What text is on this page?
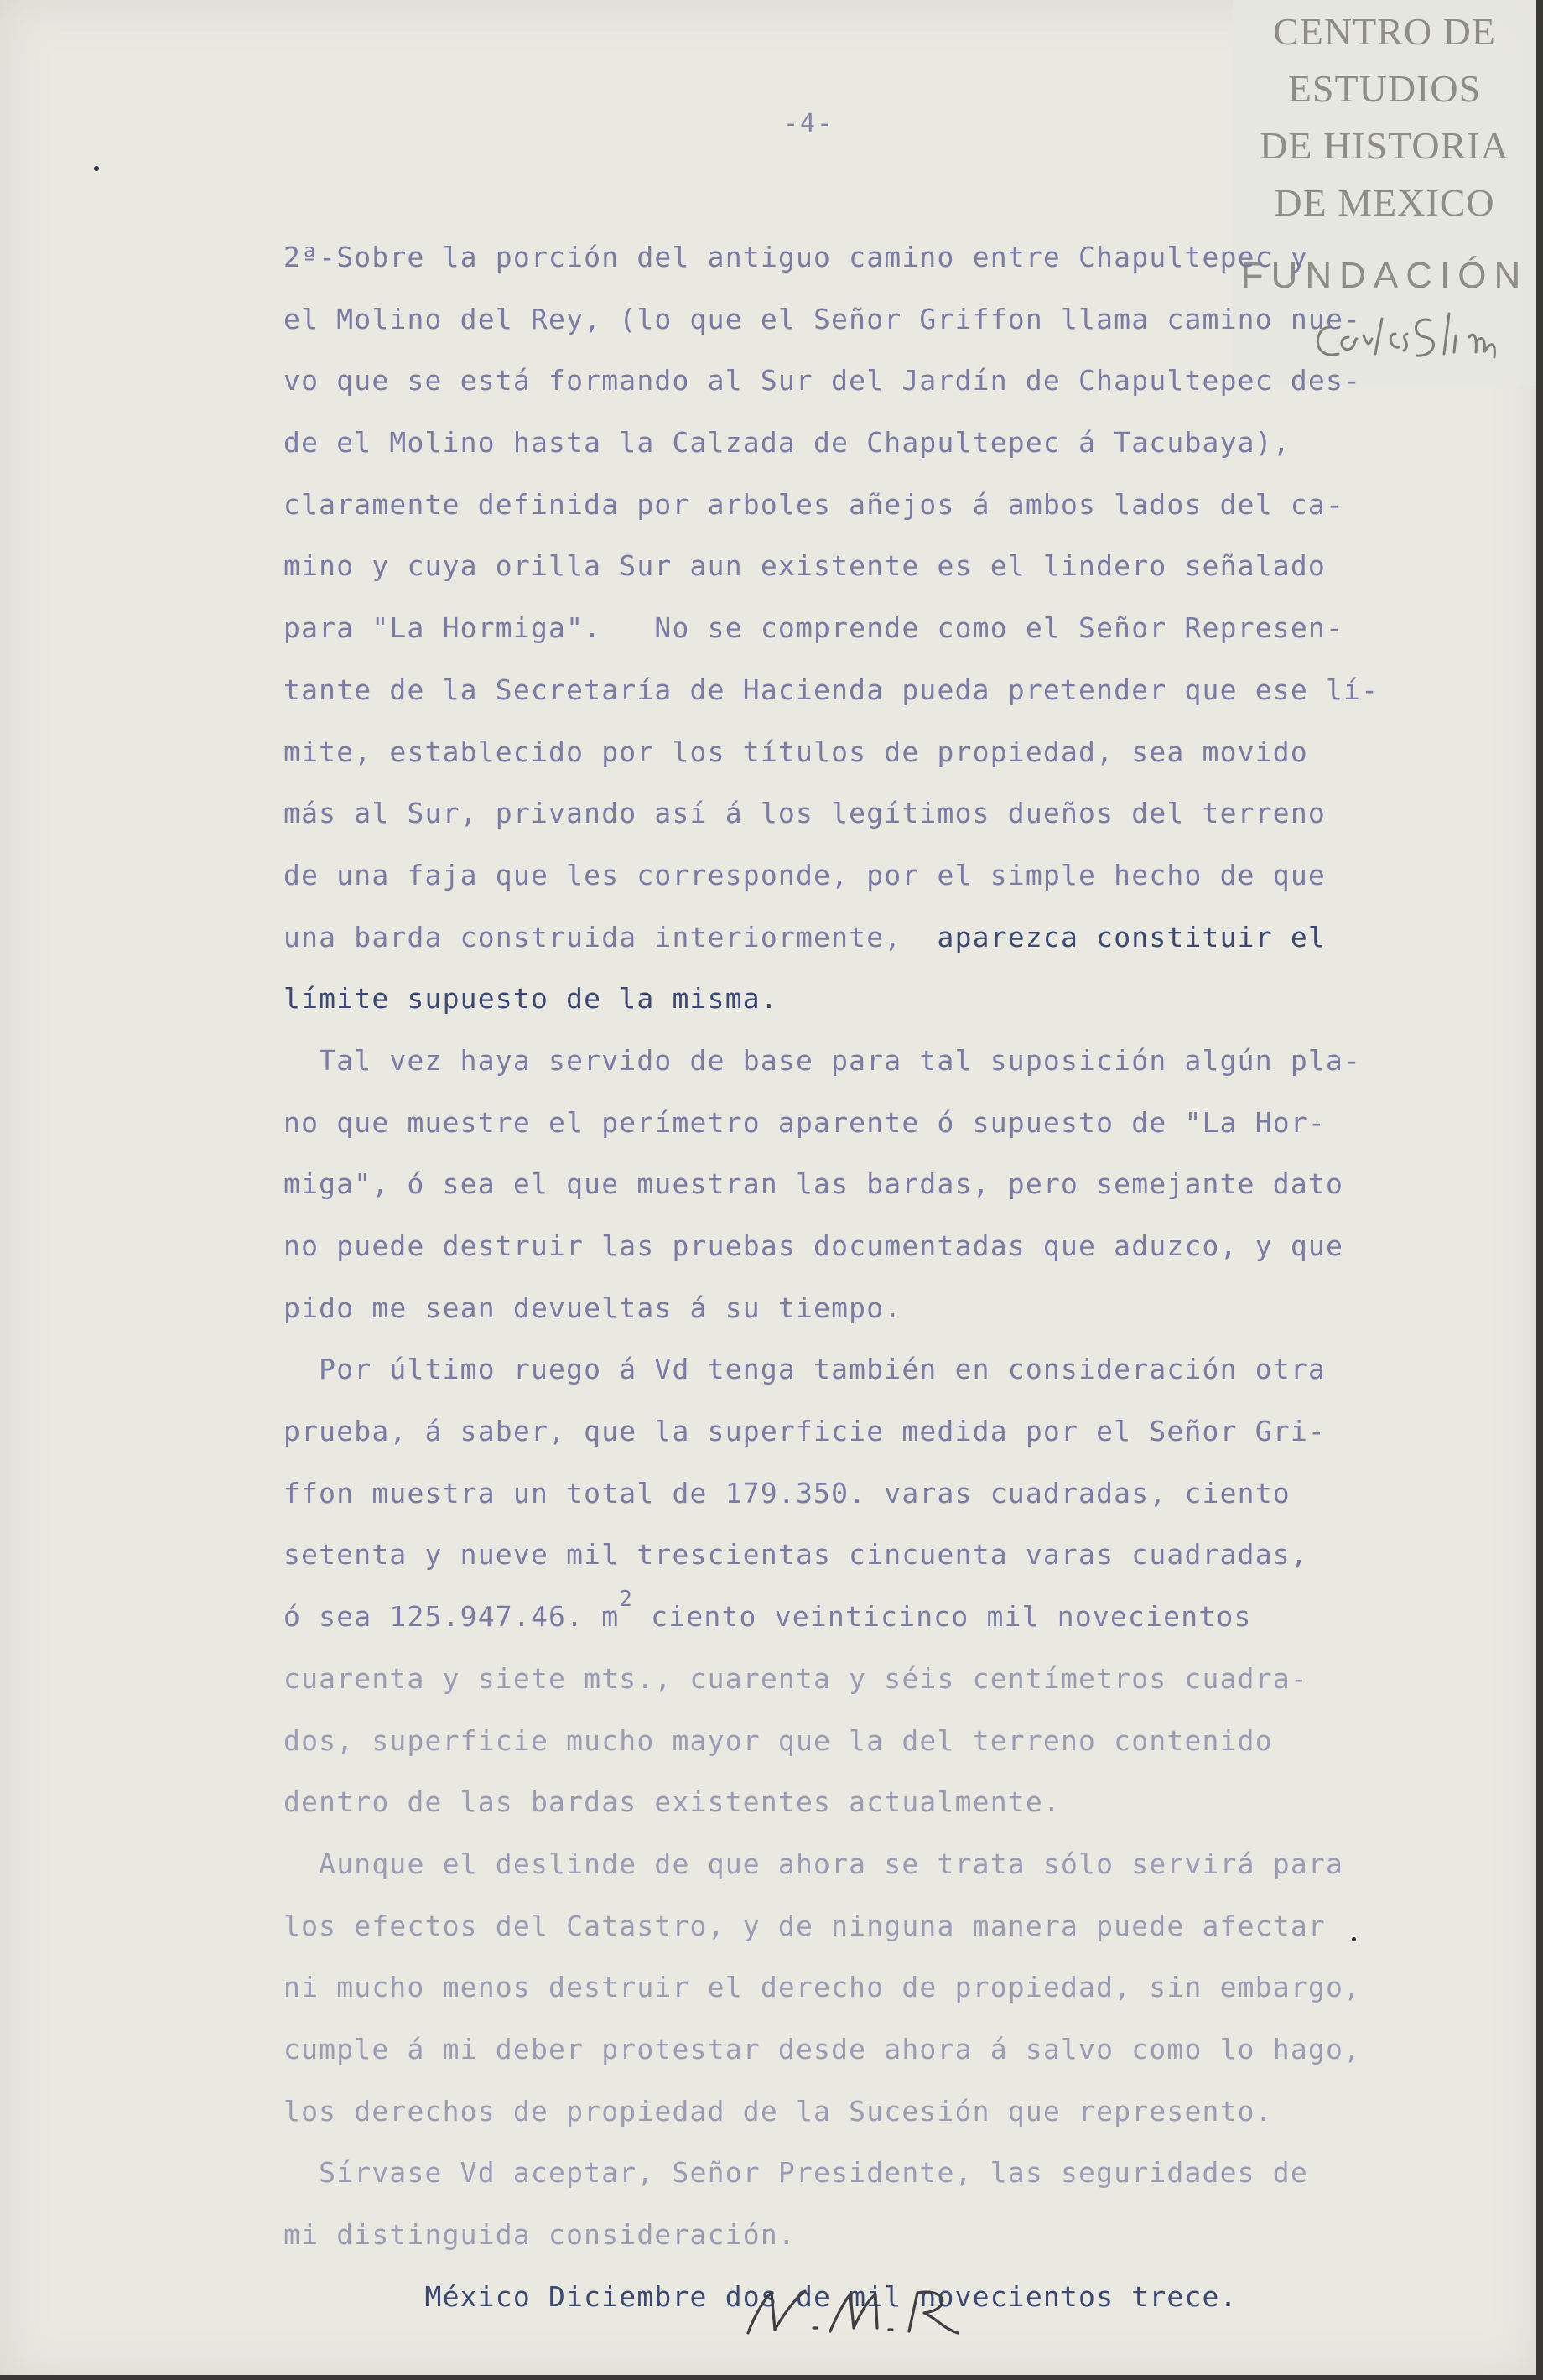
CENTRO DE
ESTUDIOS
DE HISTORIA
DE MEXICO
FUNDACIÓN
-4-
2ª-Sobre la porción del antiguo camino entre Chapultepec y
el Molino del Rey, (lo que el Señor Griffon llama camino nue-
vo que se está formando al Sur del Jardín de Chapultepec des-
de el Molino hasta la Calzada de Chapultepec á Tacubaya),
claramente definida por arboles añejos á ambos lados del ca-
mino y cuya orilla Sur aun existente es el lindero señalado
para "La Hormiga".   No se comprende como el Señor Represen-
tante de la Secretaría de Hacienda pueda pretender que ese lí-
mite, establecido por los títulos de propiedad, sea movido
más al Sur, privando así á los legítimos dueños del terreno
de una faja que les corresponde, por el simple hecho de que
una barda construida interiormente, aparezca constituir el
límite supuesto de la misma.
Tal vez haya servido de base para tal suposición algún pla-
no que muestre el perímetro aparente ó supuesto de "La Hor-
miga", ó sea el que muestran las bardas, pero semejante dato
no puede destruir las pruebas documentadas que aduzco, y que
pido me sean devueltas á su tiempo.
Por último ruego á Vd tenga también en consideración otra
prueba, á saber, que la superficie medida por el Señor Gri-
ffon muestra un total de 179.350. varas cuadradas, ciento
setenta y nueve mil trescientas cincuenta varas cuadradas,
ó sea 125.947.46. $m^2$ ciento veinticinco mil novecientos
cuarenta y siete mts., cuarenta y séis centímetros cuadra-
dos, superficie mucho mayor que la del terreno contenido
dentro de las bardas existentes actualmente.
Aunque el deslinde de que ahora se trata sólo servirá para
los efectos del Catastro, y de ninguna manera puede afectar
ni mucho menos destruir el derecho de propiedad, sin embargo,
cumple á mi deber protestar desde ahora á salvo como lo hago,
los derechos de propiedad de la Sucesión que represento.
Sírvase Vd aceptar, Señor Presidente, las seguridades de
mi distinguida consideración.
México Diciembre dos de mil novecientos trece.
